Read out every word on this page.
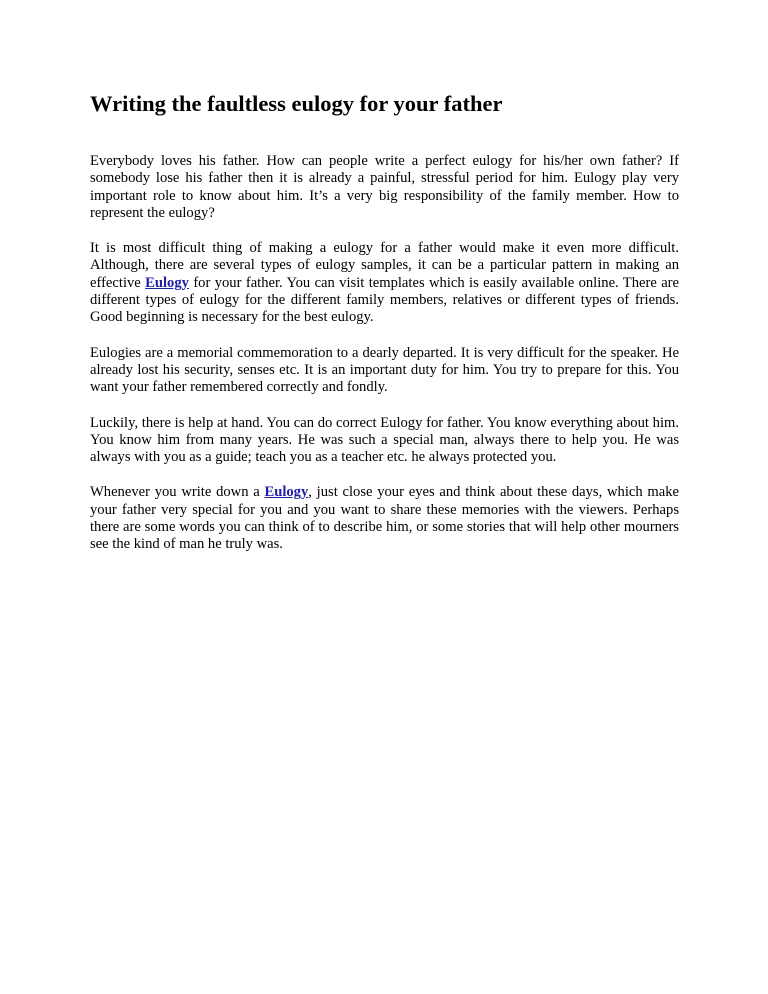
Writing the faultless eulogy for your father

Everybody loves his father. How can people write a perfect eulogy for his/her own father? If somebody lose his father then it is already a painful, stressful period for him. Eulogy play very important role to know about him. It’s a very big responsibility of the family member. How to represent the eulogy?

It is most difficult thing of making a eulogy for a father would make it even more difficult. Although, there are several types of eulogy samples, it can be a particular pattern in making an effective Eulogy for your father. You can visit templates which is easily available online. There are different types of eulogy for the different family members, relatives or different types of friends. Good beginning is necessary for the best eulogy.

Eulogies are a memorial commemoration to a dearly departed. It is very difficult for the speaker. He already lost his security, senses etc. It is an important duty for him. You try to prepare for this. You want your father remembered correctly and fondly.

Luckily, there is help at hand. You can do correct Eulogy for father. You know everything about him. You know him from many years. He was such a special man, always there to help you. He was always with you as a guide; teach you as a teacher etc. he always protected you.

Whenever you write down a Eulogy, just close your eyes and think about these days, which make your father very special for you and you want to share these memories with the viewers. Perhaps there are some words you can think of to describe him, or some stories that will help other mourners see the kind of man he truly was.
